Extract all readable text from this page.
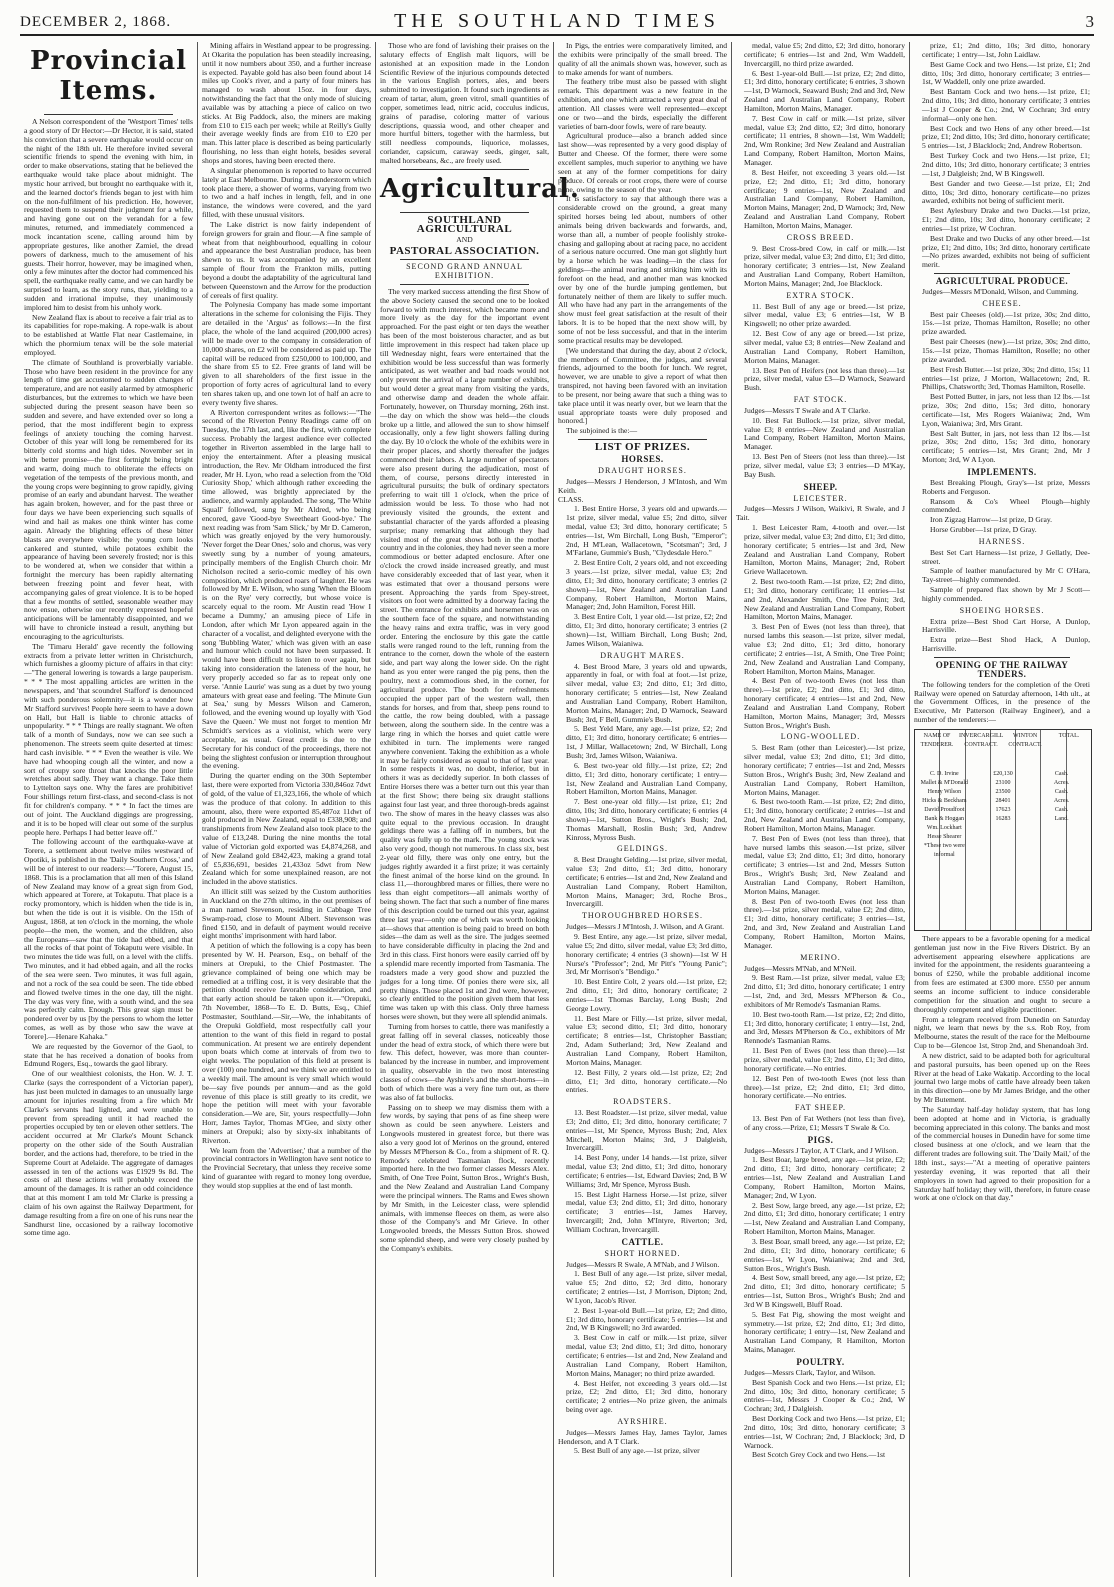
DECEMBER 2, 1868.	THE SOUTHLAND TIMES	3
Provincial Items.

A Nelson correspondent of the 'Westport Times' tells a good story of Dr Hector:—Dr Hector, it is said, stated his conviction that a severe earthquake would occur on the night of the 18th ult. He therefore invited several scientific friends to spend the evening with him, in order to make observations, stating that he believed the earthquake would take place about midnight. The mystic hour arrived, but brought no earthquake with it, and the learned doctor's friends began to jest with him on the non-fulfilment of his prediction. He, however, requested them to suspend their judgment for a while, and having gone out on the verandah for a few minutes, returned, and immediately commenced a mock incantation scene, calling around him by appropriate gestures, like another Zamiel, the dread powers of darkness, much to the amusement of his guests. Their horror, however, may be imagined when, only a few minutes after the doctor had commenced his spell, the earthquake really came, and we can hardly be surprised to learn, as the story runs, that, yielding to a sudden and irrational impulse, they unanimously implored him to desist from his unholy work.

New Zealand flax is about to receive a fair trial as to its capabilities for rope-making. A rope-walk is about to be established at Wattle Flat near Castlemaine, in which the phormium tenax will be the sole material employed.

The climate of Southland is proverbially variable. Those who have been resident in the province for any length of time get accustomed to sudden changes of temperature, and are not easily alarmed by atmospheric disturbances, but the extremes to which we have been subjected during the present season have been so sudden and severe, and have extended over so long a period, that the most indifferent begin to express feelings of anxiety touching the coming harvest. October of this year will long be remembered for its bitterly cold storms and high tides. November set in with better promise—the first fortnight being bright and warm, doing much to obliterate the effects on vegetation of the tempests of the previous month, and the young crops were beginning to grow rapidly, giving promise of an early and abundant harvest. The weather has again broken, however, and for the past three or four days we have been experiencing such squalls of wind and hail as makes one think winter has come again. Already the blighting effects of these bitter blasts are everywhere visible; the young corn looks cankered and stunted, while potatoes exhibit the appearance of having been severely frosted; nor is this to be wondered at, when we consider that within a fortnight the mercury has been rapidly alternating between freezing point and fever heat, with accompanying gales of great violence. It is to be hoped that a few months of settled, seasonable weather may now ensue, otherwise our recently expressed hopeful anticipations will be lamentably disappointed, and we will have to chronicle instead a result, anything but encouraging to the agriculturists.

The 'Timaru Herald' gave recently the following extracts from a private letter written in Christchurch, which furnishes a gloomy picture of affairs in that city:—"The general lowering is towards a large pauperism. * * * The most appalling articles are written in the newspapers, and 'that scoundrel Stafford' is denounced with such ponderous solemnity—it is a wonder how Mr Stafford survives! People here seem to have a down on Hall, but Hall is liable to chronic attacks of unpopularity. * * * Things are really stagnant. We often talk of a month of Sundays, now we can see such a phenomenon. The streets seem quite deserted at times: hard cash invisible. * * * Even the weather is vile. We have had whooping cough all the winter, and now a sort of croupy sore throat that knocks the poor little wretches about sadly. They want a change. Take them to Lyttelton says one. Why the fares are prohibitive! Four shillings return first-class, and second-class is not fit for children's company. * * * In fact the times are out of joint. The Auckland diggings are progressing, and it is to be hoped will clear out some of the surplus people here. Perhaps I had better leave off."

The following account of the earthquake-wave at Torere, a settlement about twelve miles westward of Opotiki, is published in the 'Daily Southern Cross,' and will be of interest to our readers:—"Torere, August 15, 1868. This is a proclamation that all men of this Island of New Zealand may know of a great sign from God, which appeared at Torere, at Tokaputu. That place is a rocky promontory, which is hidden when the tide is in, but when the tide is out it is visible. On the 15th of August, 1868, at ten o'clock in the morning, the whole people—the men, the women, and the children, also the Europeans—saw that the tide had ebbed, and that all the rocks of that point of Tokaputu were visible. In two minutes the tide was full, on a level with the cliffs. Two minutes, and it had ebbed again, and all the rocks of the sea were seen. Two minutes, it was full again, and not a rock of the sea could be seen. The tide ebbed and flowed twelve times in the one day, till the night. The day was very fine, with a south wind, and the sea was perfectly calm. Enough. This great sign must be pondered over by us [by the persons to whom the letter comes, as well as by those who saw the wave at Torere].—Henare Kahaka."

We are requested by the Governor of the Gaol, to state that he has received a donation of books from Edmund Rogers, Esq., towards the gaol library.

One of our wealthiest colonists, the Hon. W. J. T. Clarke (says the correspondent of a Victorian paper), has just been mulcted in damages to an unusually large amount for injuries resulting from a fire which Mr Clarke's servants had lighted, and were unable to prevent from spreading until it had reached the properties occupied by ten or eleven other settlers. The accident occurred at Mr Clarke's Mount Schanck property on the other side of the South Australian border, and the actions had, therefore, to be tried in the Supreme Court at Adelaide. The aggregate of damages assessed in ten of the actions was £1929 9s 8d. The costs of all these actions will probably exceed the amount of the damages. It is rather an odd coincidence that at this moment I am told Mr Clarke is pressing a claim of his own against the Railway Department, for damage resulting from a fire on one of his runs near the Sandhurst line, occasioned by a railway locomotive some time ago.

Mining affairs in Westland appear to be progressing. At Okarita the population has been steadily increasing, until it now numbers about 350, and a further increase is expected. Payable gold has also been found about 14 miles up Cook's river, and a party of four miners has managed to wash about 15oz. in four days, notwithstanding the fact that the only mode of sluicing available was by attaching a piece of calico on two sticks. At Big Paddock, also, the miners are making from £10 to £15 each per week; while at Reilly's Gully their average weekly finds are from £10 to £20 per man. This latter place is described as being particularly flourishing, no less than eight hotels, besides several shops and stores, having been erected there.

A singular phenomenon is reported to have occurred lately at East Melbourne. During a thunderstorm which took place there, a shower of worms, varying from two to two and a half inches in length, fell, and in one instance, the windows were covered, and the yard filled, with these unusual visitors.

The Lake district is now fairly independent of foreign growers for grain and flour.—A fine sample of wheat from that neighbourhood, equalling in colour and appearance the best Australian produce, has been shewn to us. It was accompanied by an excellent sample of flour from the Frankton mills, putting beyond a doubt the adaptability of the agricultural land between Queenstown and the Arrow for the production of cereals of first quality.

The Polynesia Company has made some important alterations in the scheme for colonising the Fijis. They are detailed in the 'Argus' as follows:—In the first place, the whole of the land acquired (200,000 acres) will be made over to the company in consideration of 10,000 shares, on £2 will be considered as paid up. The capital will be reduced from £250,000 to 100,000, and the share from £5 to £2. Free grants of land will be given to all shareholders of the first issue in the proportion of forty acres of agricultural land to every ten shares taken up, and one town lot of half an acre to every twenty five shares.

A Riverton correspondent writes as follows:—"The second of the Riverton Penny Readings came off on Tuesday, the 17th last, and, like the first, with complete success. Probably the largest audience ever collected together in Riverton assembled in the large hall to enjoy the entertainment. After a pleasing musical introduction, the Rev. Mr Oldham introduced the first reader, Mr H. Lyon, who read a selection from the 'Old Curiosity Shop,' which although rather exceeding the time allowed, was brightly appreciated by the audience, and warmly applauded. The song, 'The White Squall' followed, sung by Mr Aldred, who being encored, gave 'Good-bye Sweetheart Good-bye.' The next reading was from 'Sam Slick,' by Mr D. Cameron, which was greatly enjoyed by the very humorously. 'Never forget the Dear Ones,' solo and chorus, was very sweetly sung by a number of young amateurs, principally members of the English Church choir. Mr Nicholson recited a serio-comic medley of his own composition, which produced roars of laughter. He was followed by Mr E. Wilson, who sung 'When the Bloom is on the Rye' very correctly, but whose voice is scarcely equal to the room. Mr Austin read 'How I became a Dummy,' an amusing piece of Life in London, after which Mr Lyon appeared again in the character of a vocalist, and delighted everyone with the song 'Bubbling Water,' which was given with an ease and humour which could not have been surpassed. It would have been difficult to listen to over again, but taking into consideration the lateness of the hour, he very properly acceded so far as to repeat only one verse. 'Annie Laurie' was sung as a duet by two young amateurs with great ease and feeling. 'The Minute Gun at Sea,' sung by Messrs Wilson and Cameron, followed, and the evening wound up loyally with 'God Save the Queen.' We must not forget to mention Mr Schmidt's services as a violinist, which were very acceptable, as usual. Great credit is due to the Secretary for his conduct of the proceedings, there not being the slightest confusion or interruption throughout the evening.

During the quarter ending on the 30th September last, there were exported from Victoria 330,846oz 7dwt of gold, of the value of £1,323,166, the whole of which was the produce of that colony. In addition to this amount, also, there were exported 85,487oz 11dwt of gold produced in New Zealand, equal to £338,908; and transhipments from New Zealand also took place to the value of £13,248. During the nine months the total value of Victorian gold exported was £4,874,268, and of New Zealand gold £842,423, making a grand total of £5,836,691, besides 21,433oz 5dwt from New Zealand which for some unexplained reason, are not included in the above statistics.

An illicit still was seized by the Custom authorities in Auckland on the 27th ultimo, in the out premises of a man named Stevenson, residing in Cabbage Tree Swamp-road, close to Mount Albert. Stevenson was fined £150, and in default of payment would receive eight months' imprisonment with hard labor.

A petition of which the following is a copy has been presented by W. H. Pearson, Esq., on behalf of the miners at Orepuki, to the Chief Postmaster. The grievance complained of being one which may be remedied at a trifling cost, it is very desirable that the petition should receive favorable consideration, and that early action should be taken upon it.—"Orepuki, 7th November, 1868—To E. D. Butts, Esq., Chief Postmaster, Southland.—Sir,—We, the inhabitants of the Orepuki Goldfield, most respectfully call your attention to the want of this field in regard to postal communication. At present we are entirely dependent upon boats which come at intervals of from two to eight weeks. The population of this field at present is over (100) one hundred, and we think we are entitled to a weekly mail. The amount is very small which would be—say five pounds per annum—and as the gold revenue of this place is still greatly to its credit, we hope the petition will meet with your favorable consideration.—We are, Sir, yours respectfully—John Horr, James Taylor, Thomas M'Gee, and sixty other miners at Orepuki; also by sixty-six inhabitants of Riverton.

We learn from the 'Advertiser,' that a number of the provincial contractors in Wellington have sent notice to the Provincial Secretary, that unless they receive some kind of guarantee with regard to money long overdue, they would stop supplies at the end of last month.

Those who are fond of lavishing their praises on the salutary effects of English malt liquors, will be astonished at an exposition made in the London Scientific Review of the injurious compounds detected in the various English porters, ales, and beers submitted to investigation. It found such ingredients as cream of tartar, alum, green vitrol, small quantities of copper, sometimes lead, nitric acid, cocculus indicus, grains of paradise, coloring matter of various descriptions, quassia wood, and other cheaper and more hurtful bitters, together with the harmless, but still needless compounds, liquorice, molasses, coriander, capsicum, caraway seeds, ginger, salt, malted horsebeans, &c., are freely used.

Agricultural.
SOUTHLAND AGRICULTURAL
AND
PASTORAL ASSOCIATION.
SECOND GRAND ANNUAL EXHIBITION.

The very marked success attending the first Show of the above Society caused the second one to be looked forward to with much interest, which became more and more lively as the day for the important event approached. For the past eight or ten days the weather has been of the most boisterous character, and as but little improvement in this respect had taken place up till Wednesday night, fears were entertained that the exhibition would be less successful than was formerly anticipated, as wet weather and bad roads would not only prevent the arrival of a large number of exhibits, but would deter a great many from visiting the yards, and otherwise damp and deaden the whole affair. Fortunately, however, on Thursday morning, 26th inst.—the day on which the show was held—the clouds broke up a little, and allowed the sun to show himself occasionally, only a few light showers falling during the day. By 10 o'clock the whole of the exhibits were in their proper places, and shortly thereafter the judges commenced their labors. A large number of spectators were also present during the adjudication, most of them, of course, persons directly interested in agricultural pursuits; the bulk of ordinary spectators preferring to wait till 1 o'clock, when the price of admission would be less. To those who had not previously visited the grounds, the extent and substantial character of the yards afforded a pleasing surprise; many remarking that although they had visited most of the great shows both in the mother country and in the colonies, they had never seen a more commodious or better adapted enclosure. After one o'clock the crowd inside increased greatly, and must have considerably exceeded that of last year, when it was estimated that over a thousand persons were present. Approaching the yards from Spey-street, visitors on foot were admitted by a doorway facing the street. The entrance for exhibits and horsemen was on the southern face of the square, and notwithstanding the heavy rains and extra traffic, was in very good order. Entering the enclosure by this gate the cattle stalls were ranged round to the left, running from the entrance to the corner, down the whole of the eastern side, and part way along the lower side. On the right hand as you enter were ranged the pig pens, then the poultry, next a commodious shed, in the corner, for agricultural produce. The booth for refreshments occupied the upper part of the western wall, then stands for horses, and from that, sheep pens round to the cattle, the row being doubled, with a passage between, along the southern side. In the centre was a large ring in which the horses and quiet cattle were exhibited in turn. The implements were ranged anywhere convenient. Taking the exhibition as a whole it may be fairly considered as equal to that of last year. In some respects it was, no doubt, inferior, but in others it was as decidedly superior. In both classes of Entire Horses there was a better turn out this year than at the first Show; there being six draught stallions against four last year, and three thorough-breds against two. The show of mares in the heavy classes was also quite equal to the previous occasion. In draught geldings there was a falling off in numbers, but the quality was fully up to the mark. The young stock was also very good, though not numerous. In class six, best 2-year old filly, there was only one entry, but the judges rightly awarded it a first prize; it was certainly the finest animal of the horse kind on the ground. In class 11,—thoroughbred mares or fillies, there were no less than eight competitors—all animals worthy of being shown. The fact that such a number of fine mares of this description could be turned out this year, against three last year—only one of which was worth looking at—shows that attention is being paid to breed on both sides—the dam as well as the sire. The judges seemed to have considerable difficulty in placing the 2nd and 3rd in this class. First honors were easily carried off by a splendid mare recently imported from Tasmania. The roadsters made a very good show and puzzled the judges for a long time. Of ponies there were six, all pretty things. Those placed 1st and 2nd were, however, so clearly entitled to the position given them that less time was taken up with this class. Only three harness horses were shown, but they were all splendid animals.

Turning from horses to cattle, there was manifestly a great falling off in several classes, noticeably those under the head of extra stock, of which there were but few. This defect, however, was more than counter-balanced by the increase in number, and improvement in quality, observable in the two most interesting classes of cows—the Ayshire's and the short-horns—in both of which there was a very fine turn out, as there was also of fat bullocks.

Passing on to sheep we may dismiss them with a few words, by saying that pens of as fine sheep were shown as could be seen anywhere. Leisters and Longwools mustered in greatest force, but there was also a very good lot of Merinos on the ground, entered by Messrs M'Pherson & Co., from a shipment of R. Q. Remode's celebrated Tasmanian flock, recently imported here. In the two former classes Messrs Alex. Smith, of One Tree Point, Sutton Bros., Wright's Bush, and the New Zealand and Australian Land Company were the principal winners. The Rams and Ewes shown by Mr Smith, in the Leicester class, were splendid animals, with immense fleeces on them, as were also those of the Company's and Mr Grieve. In other Longwooled breeds, the Messrs Sutton Bros. showed some splendid sheep, and were very closely pushed by the Company's exhibits.

In Pigs, the entries were comparatively limited, and the exhibits were principally of the small breed. The quality of all the animals shown was, however, such as to make amends for want of numbers.

The feathery tribe must also be passed with slight remark. This department was a new feature in the exhibition, and one which attracted a very great deal of attention. All classes were well represented—except one or two—and the birds, especially the different varieties of barn-door fowls, were of rare beauty.

Agricultural produce—also a branch added since last show—was represented by a very good display of Butter and Cheese. Of the former, there were some excellent samples, much superior to anything we have seen at any of the former competitions for dairy produce. Of cereals or root crops, there were of course none, owing to the season of the year.

It is satisfactory to say that although there was a considerable crowd on the ground, a great many spirited horses being led about, numbers of other animals being driven backwards and forwards, and, worse than all, a number of people foolishly stroke-chasing and galloping about at racing pace, no accident of a serious nature occurred. One man got slightly hurt by a horse which he was leading—in the class for geldings—the animal rearing and striking him with its forefoot on the head, and another man was knocked over by one of the hurdle jumping gentlemen, but fortunately neither of them are likely to suffer much. All who have had any part in the arrangements of the show must feel great satisfaction at the result of their labors. It is to be hoped that the next show will, by some of not be less successful, and that in the interim some practical results may be developed.

[We understand that during the day, about 2 o'clock, the members of Committee, the judges, and several friends, adjourned to the booth for lunch. We regret, however, we are unable to give a report of what then transpired, not having been favored with an invitation to be present, nor being aware that such a thing was to take place until it was nearly over, but we learn that the usual appropriate toasts were duly proposed and honored.]

The subjoined is the:—

LIST OF PRIZES.
HORSES.
DRAUGHT HORSES.

Judges—Messrs J Henderson, J M'Intosh, and Wm Keith.

CLASS.

1. Best Entire Horse, 3 years old and upwards.—1st prize, silver medal, value £5; 2nd ditto, silver medal, value £3; 3rd ditto, honorary certificate; 5 entries—1st, Wm Birchall, Long Bush, "Emperor"; 2nd, H M'Lean, Wallacetown, "Scotsman"; 3rd, J M'Farlane, Gummie's Bush, "Clydesdale Hero."

2. Best Entire Colt, 2 years old, and not exceeding 3 years.—1st prize, silver medal, value £3; 2nd ditto, £1; 3rd ditto, honorary certificate; 3 entries (2 shown)—1st, New Zealand and Australian Land Company, Robert Hamilton, Morton Mains, Manager; 2nd, John Hamilton, Forest Hill.

3. Best Entire Colt, 1 year old.—1st prize, £2; 2nd ditto, £1; 3rd ditto, honorary certificate; 3 entries (2 shown)—1st, William Birchall, Long Bush; 2nd, James Wilson, Waianiwa.

DRAUGHT MARES.

4. Best Brood Mare, 3 years old and upwards, apparently in foal, or with foal at foot.—1st prize, silver medal, value £3; 2nd ditto, £1; 3rd ditto, honorary certificate; 5 entries—1st, New Zealand and Australian Land Company, Robert Hamilton, Morton Mains, Manager; 2nd, D Warnock, Seaward Bush; 3rd, F Bell, Gummie's Bush.

5. Best Yeld Mare, any age.—1st prize, £2; 2nd ditto, £1; 3rd ditto, honorary certificate; 6 entries—1st, J Millar, Wallacetown; 2nd, W Birchall, Long Bush; 3rd, James Wilson, Waianiwa.

6. Best two-year old filly.—1st prize, £2; 2nd ditto, £1; 3rd ditto, honorary certificate; 1 entry—1st, New Zealand and Australian Land Company, Robert Hamilton, Morton Mains, Manager.

7. Best one-year old filly.—1st prize, £1; 2nd ditto, 10s; 3rd ditto, honorary certificate; 6 entries (4 shown)—1st, Sutton Bros., Wright's Bush; 2nd, Thomas Marshall, Roslin Bush; 3rd, Andrew Kinross, Myross Bush.

GELDINGS.

8. Best Draught Gelding.—1st prize, silver medal, value £3; 2nd ditto, £1; 3rd ditto, honorary certificate; 6 entries—1st and 2nd, New Zealand and Australian Land Company, Robert Hamilton, Morton Mains, Manager; 3rd, Roche Bros., Invercargill.

THOROUGHBRED HORSES.

Judges—Messrs J M'Intosh, J. Wilson, and A Grant.

9. Best Entire, any age.—1st prize, silver medal, value £5; 2nd ditto, silver medal, value £3; 3rd ditto, honorary certificate; 4 entries (3 shown)—1st W H Nurse's "Professor"; 2nd, Mr Pitt's "Young Panic"; 3rd, Mr Morrison's "Bendigo."

10. Best Entire Colt, 2 years old.—1st prize, £2; 2nd ditto, £1; 3rd ditto, honorary certificate; 2 entries—1st Thomas Barclay, Long Bush; 2nd George Lowry.

11. Best Mare or Filly.—1st prize, silver medal, value £3; second ditto, £1; 3rd ditto, honorary certificate; 8 entries—1st, Christopher Basstian; 2nd, Adam Sutherland; 3rd, New Zealand and Australian Land Company, Robert Hamilton, Morton Mains, Manager.

12. Best Filly, 2 years old.—1st prize, £2; 2nd ditto, £1; 3rd ditto, honorary certificate.—No entries.

ROADSTERS.

13. Best Roadster.—1st prize, silver medal, value £3; 2nd ditto, £1; 3rd ditto, honorary certificate; 7 entries—1st, Mr Spence, Myross Bush; 2nd, Alex Mitchell, Morton Mains; 3rd, J Dalgleish, Invercargill.

14. Best Pony, under 14 hands.—1st prize, silver medal, value £3; 2nd ditto, £1; 3rd ditto, honorary certificate; 6 entries—1st, Edward Davies; 2nd, B W Williams; 3rd, Mr Spence, Myross Bush.

15. Best Light Harness Horse.—1st prize, silver medal, value £3; 2nd ditto, £1; 3rd ditto, honorary certificate; 3 entries—1st, James Harvey, Invercargill; 2nd, John M'Intyre, Riverton; 3rd, William Cochran, Invercargill.

CATTLE.
SHORT HORNED.

Judges—Messrs R Swale, A M'Nab, and J Wilson.

1. Best Bull of any age.—1st prize, silver medal, value £5; 2nd ditto, £2; 3rd ditto, honorary certificate; 2 entries—1st, J Morrison, Dipton; 2nd, W Lyon, Jacob's River.

2. Best 1-year-old Bull.—1st prize, £2; 2nd ditto, £1; 3rd ditto, honorary certificate; 5 entries—1st and 2nd, W B Kingswell; no 3rd awarded.

3. Best Cow in calf or milk.—1st prize, silver medal, value £3; 2nd ditto, £1; 3rd ditto, honorary certificate; 6 entries—1st and 2nd, New Zealand and Australian Land Company, Robert Hamilton, Morton Mains, Manager; no third prize awarded.

4. Best Heifer, not exceeding 3 years old.—1st prize, £2; 2nd ditto, £1; 3rd ditto, honorary certificate; 2 entries—No prize given, the animals being over age.

AYRSHIRE.

Judges—Messrs James Hay, James Taylor, James Henderson, and A T Clark.

5. Best Bull of any age.—1st prize, silver

medal, value £5; 2nd ditto, £2; 3rd ditto, honorary certificate; 6 entries—1st and 2nd, Wm Waddell, Invercargill, no third prize awarded.

6. Best 1-year-old Bull.—1st prize, £2; 2nd ditto, £1; 3rd ditto, honorary certificate; 6 entries, 3 shown—1st, D Warnock, Seaward Bush; 2nd and 3rd, New Zealand and Australian Land Company, Robert Hamilton, Morton Mains, Manager.

7. Best Cow in calf or milk.—1st prize, silver medal, value £3; 2nd ditto, £2; 3rd ditto, honorary certificate; 11 entries, 8 shown—1st, Wm Waddell; 2nd, Wm Ronkine; 3rd New Zealand and Australian Land Company, Robert Hamilton, Morton Mains, Manager.

8. Best Heifer, not exceeding 3 years old.—1st prize, £2; 2nd ditto, £1; 3rd ditto, honorary certificate; 9 entries—1st, New Zealand and Australian Land Company, Robert Hamilton, Morton Mains, Manager; 2nd, D Warnock; 3rd, New Zealand and Australian Land Company, Robert Hamilton, Morton Mains, Manager.

CROSS BREED.

9. Best Cross-bred Cow, in calf or milk.—1st prize, silver medal, value £3; 2nd ditto, £1; 3rd ditto, honorary certificate; 3 entries—1st, New Zealand and Australian Land Company, Robert Hamilton, Morton Mains, Manager; 2nd, Joe Blacklock.

EXTRA STOCK.

11. Best Bull of any age or breed.—1st prize, silver medal, value £3; 6 entries—1st, W B Kingswell; no other prize awarded.

12. Best Cow of any age or breed.—1st prize, silver medal, value £3; 8 entries—New Zealand and Australian Land Company, Robert Hamilton, Morton Mains, Manager.

13. Best Pen of Heifers (not less than three).—1st prize, silver medal, value £3—D Warnock, Seaward Bush.

FAT STOCK.

Judges—Messrs T Swale and A T Clarke.

10. Best Fat Bullock.—1st prize, silver medal, value £3; 8 entries—New Zealand and Australian Land Company, Robert Hamilton, Morton Mains, Manager.

13. Best Pen of Steers (not less than three).—1st prize, silver medal, value £3; 3 entries—D M'Kay, Bay Bush.

SHEEP.
LEICESTER.

Judges—Messrs J Wilson, Waikivi, R Swale, and J Tait.

1. Best Leicester Ram, 4-tooth and over.—1st prize, silver medal, value £3; 2nd ditto, £1; 3rd ditto, honorary certificate; 5 entries—1st and 3rd, New Zealand and Australian Land Company, Robert Hamilton, Morton Mains, Manager; 2nd, Robert Grieve Wallacetown.

2. Best two-tooth Ram.—1st prize, £2; 2nd ditto, £1; 3rd ditto, honorary certificate; 11 entries—1st and 2nd, Alexander Smith, One Tree Point; 3rd, New Zealand and Australian Land Company, Robert Hamilton, Morton Mains, Manager.

3. Best Pen of Ewes (not less than three), that nursed lambs this season.—1st prize, silver medal, value £3; 2nd ditto, £1; 3rd ditto, honorary certificate; 2 entries—1st, A Smith, One Tree Point; 2nd, New Zealand and Australian Land Company, Robert Hamilton, Morton Mains, Manager.

4. Best Pen of two-tooth Ewes (not less than three).—1st prize, £2; 2nd ditto, £1; 3rd ditto, honorary certificate; 4 entries—1st and 2nd, New Zealand and Australian Land Company, Robert Hamilton, Morton Mains, Manager; 3rd, Messrs Sutton Bros., Wright's Bush.

LONG-WOOLLED.

5. Best Ram (other than Leicester).—1st prize, silver medal, value £3; 2nd ditto, £1; 3rd ditto, honorary certificate; 7 entries—1st and 2nd, Messrs Sutton Bros., Wright's Bush; 3rd, New Zealand and Australian Land Company, Robert Hamilton, Morton Mains, Manager.

6. Best two-tooth Ram.—1st prize, £2; 2nd ditto, £1; 3rd ditto, honorary certificate; 2 entries—1st and 2nd, New Zealand and Australian Land Company, Robert Hamilton, Morton Mains, Manager.

7. Best Pen of Ewes (not less than three), that have nursed lambs this season.—1st prize, silver medal, value £3; 2nd ditto, £1; 3rd ditto, honorary certificate; 3 entries—1st and 2nd, Messrs Sutton Bros., Wright's Bush; 3rd, New Zealand and Australian Land Company, Robert Hamilton, Morton Mains, Manager.

8. Best Pen of two-tooth Ewes (not less than three).—1st prize, silver medal, value £2; 2nd ditto, £1; 3rd ditto, honorary certificate; 3 entries—1st, 2nd, and 3rd, New Zealand and Australian Land Company, Robert Hamilton, Morton Mains, Manager.

MERINO.

Judges—Messrs M'Nab, and M'Neil.

9. Best Ram.—1st prize, silver medal, value £3; 2nd ditto, £1; 3rd ditto, honorary certificate; 1 entry—1st, 2nd, and 3rd, Messrs M'Pherson & Co., exhibitors of Mr Remode's Tasmanian Rams.

10. Best two-tooth Ram.—1st prize, £2; 2nd ditto, £1; 3rd ditto, honorary certificate; 1 entry—1st, 2nd, and 3rd, Messrs M'Pherson & Co., exhibitors of Mr Rennode's Tasmanian Rams.

11. Best Pen of Ewes (not less than three).—1st prize, silver medal, value £3; 2nd ditto, £1; 3rd ditto, honorary certificate.—No entries.

12. Best Pen of two-tooth Ewes (not less than three).—1st prize, £2; 2nd ditto, £1; 3rd ditto, honorary certificate.—No entries.

FAT SHEEP.

13. Best Pen of Fat Wethers (not less than five), of any cross.—Prize, £1; Messrs T Swale & Co.

PIGS.

Judges—Messrs J Taylor, A T Clark, and J Wilson.

1. Best Boar, large breed, any age.—1st prize, £2; 2nd ditto, £1; 3rd ditto, honorary certificate; 2 entries—1st, New Zealand and Australian Land Company, Robert Hamilton, Morton Mains, Manager; 2nd, W Lyon.

2. Best Sow, large breed, any age.—1st prize, £2; 2nd ditto, £1; 3rd ditto, honorary certificate; 1 entry—1st, New Zealand and Australian Land Company, Robert Hamilton, Morton Mains, Manager.

3. Best Boar, small breed, any age.—1st prize, £2; 2nd ditto, £1; 3rd ditto, honorary certificate; 6 entries—1st, W Lyon, Waianiwa; 2nd and 3rd, Sutton Bros., Wright's Bush.

4. Best Sow, small breed, any age.—1st prize, £2; 2nd ditto, £1; 3rd ditto, honorary certificate; 5 entries—1st, Sutton Bros., Wright's Bush; 2nd and 3rd W B Kingswell, Bluff Road.

5. Best Fat Pig, showing the most weight and symmetry.—1st prize, £2; 2nd ditto, £1; 3rd ditto, honorary certificate; 1 entry—1st, New Zealand and Australian Land Company, R Hamilton, Morton Mains, Manager.

POULTRY.

Judges—Messrs Clark, Taylor, and Wilson.

Best Spanish Cock and two Hens.—1st prize, £1; 2nd ditto, 10s; 3rd ditto, honorary certificate; 5 entries—1st, Messrs J Cooper & Co.; 2nd, W Cochran; 3rd, J Dalgleish.

Best Dorking Cock and two Hens.—1st prize, £1; 2nd ditto, 10s; 3rd ditto, honorary certificate; 3 entries—1st, W Cochran; 2nd, J Blacklock; 3rd, D Warnock.

Best Scotch Grey Cock and two Hens.—1st

prize, £1; 2nd ditto, 10s; 3rd ditto, honorary certificate; 1 entry—1st, John Laidlaw.

Best Game Cock and two Hens.—1st prize, £1; 2nd ditto, 10s; 3rd ditto, honorary certificate; 3 entries—1st, W Waddell, only one prize awarded.

Best Bantam Cock and two hens.—1st prize, £1; 2nd ditto, 10s; 3rd ditto, honorary certificate; 3 entries—1st J Cooper & Co.; 2nd, W Cochran; 3rd entry informal—only one hen.

Best Cock and two Hens of any other breed.—1st prize, £1; 2nd ditto, 10s; 3rd ditto, honorary certificate; 5 entries—1st, J Blacklock; 2nd, Andrew Robertson.

Best Turkey Cock and two Hens.—1st prize, £1; 2nd ditto, 10s; 3rd ditto, honorary certificate; 3 entries—1st, J Dalgleish; 2nd, W B Kingswell.

Best Gander and two Geese.—1st prize, £1; 2nd ditto, 10s; 3rd ditto, honorary certificate—no prizes awarded, exhibits not being of sufficient merit.

Best Aylesbury Drake and two Ducks.—1st prize, £1; 2nd ditto, 10s; 3rd ditto, honorary certificate; 2 entries—1st prize, W Cochran.

Best Drake and two Ducks of any other breed.—1st prize, £1; 2nd ditto, 10s; 3rd ditto, honorary certificate—No prizes awarded, exhibits not being of sufficient merit.

AGRICULTURAL PRODUCE.

Judges—Messrs M'Donald, Wilson, and Cumming.

CHEESE.

Best pair Cheeses (old).—1st prize, 30s; 2nd ditto, 15s.—1st prize, Thomas Hamilton, Roselle; no other prize awarded.

Best pair Cheeses (new).—1st prize, 30s; 2nd ditto, 15s.—1st prize, Thomas Hamilton, Roselle; no other prize awarded.

Best Fresh Butter.—1st prize, 30s; 2nd ditto, 15s; 11 entries—1st prize, J Morton, Wallacetown; 2nd, R. Phillips, Chatsworth; 3rd, Thomas Hamilton, Roselle.

Best Potted Butter, in jars, not less than 12 lbs.—1st prize, 30s; 2nd ditto, 15s; 3rd ditto, honorary certificate—1st, Mrs Rogers Waianiwa; 2nd, Wm Lyon, Waianiwa; 3rd, Mrs Grant.

Best Salt Butter, in jars, not less than 12 lbs.—1st prize, 30s; 2nd ditto, 15s; 3rd ditto, honorary certificate; 5 entries—1st, Mrs Grant; 2nd, Mr J Morton; 3rd, W A Lyon.

IMPLEMENTS.

Best Breaking Plough, Gray's—1st prize, Messrs Roberts and Ferguson.

Ransom & Co's Wheel Plough—highly commended.

Iron Zigzag Harrow—1st prize, D Gray.

Horse Grubber—1st prize, D Gray.

HARNESS.

Best Set Cart Harness—1st prize, J Gellatly, Dee-street.

Sample of leather manufactured by Mr C O'Hara, Tay-street—highly commended.

Sample of prepared flax shown by Mr J Scott—highly commended.

SHOEING HORSES.

Extra prize—Best Shod Cart Horse, A Dunlop, Harrisville.

Extra prize—Best Shod Hack, A Dunlop, Harrisville.

OPENING OF THE RAILWAY TENDERS.

The following tenders for the completion of the Oreti Railway were opened on Saturday afternoon, 14th ult., at the Government Offices, in the presence of the Executive, Mr Patterson (Railway Engineer), and a number of the tenderers:—

NAME OF TENDERER.
INVERCARGILL CONTRACT.
WINTON CONTRACT.
TOTAL.
C. D. Irvine
Mallet & M'Donald
Henry Wilson
Hicks & Beckham
David Proudfoot
Bank & Hoggan
Wm. Lockhart
Hesse Shearer
*These two were informal
£20,130
23100
23500
28401
17623
16283
Cash.
Acres.
Cash.
Acres.
Cash.
Land.

There appears to be a favorable opening for a medical gentleman just now in the Five Rivers District. By an advertisement appearing elsewhere applications are invited for the appointment, the residents guaranteeing a bonus of £250, while the probable additional income from fees are estimated at £300 more. £550 per annum seems an income sufficient to induce considerable competition for the situation and ought to secure a thoroughly competent and eligible practitioner.

From a telegram received from Dunedin on Saturday night, we learn that news by the s.s. Rob Roy, from Melbourne, states the result of the race for the Melbourne Cup to be—Glencoe 1st, Strop 2nd, and Shenandoah 3rd.

A new district, said to be adapted both for agricultural and pastoral pursuits, has been opened up on the Rees River at the head of Lake Wakatip. According to the local journal two large mobs of cattle have already been taken in this direction—one by Mr James Bridge, and the other by Mr Butement.

The Saturday half-day holiday system, that has long been adopted at home and in Victoria, is gradually becoming appreciated in this colony. The banks and most of the commercial houses in Dunedin have for some time closed business at one o'clock, and we learn that the different trades are following suit. The 'Daily Mail,' of the 18th inst., says:—"At a meeting of operative painters yesterday evening, it was reported that all their employers in town had agreed to their proposition for a Saturday half holiday; they will, therefore, in future cease work at one o'clock on that day."
